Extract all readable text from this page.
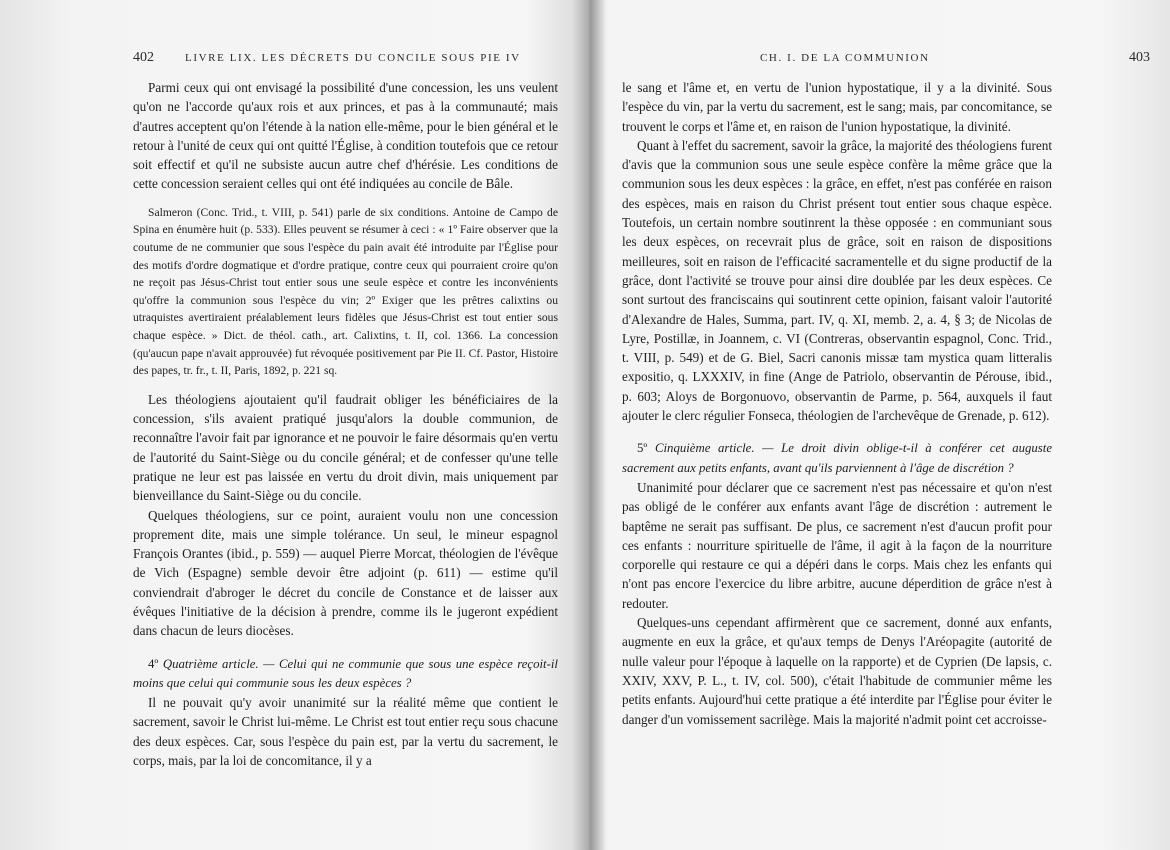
402	LIVRE LIX. LES DÉCRETS DU CONCILE SOUS PIE IV

Parmi ceux qui ont envisagé la possibilité d'une concession, les uns veulent qu'on ne l'accorde qu'aux rois et aux princes, et pas à la communauté; mais d'autres acceptent qu'on l'étende à la nation elle-même, pour le bien général et le retour à l'unité de ceux qui ont quitté l'Église, à condition toutefois que ce retour soit effectif et qu'il ne subsiste aucun autre chef d'hérésie. Les conditions de cette concession seraient celles qui ont été indiquées au concile de Bâle.

Salmeron (Conc. Trid., t. VIII, p. 541) parle de six conditions. Antoine de Campo de Spina en énumère huit (p. 533). Elles peuvent se résumer à ceci : « 1º Faire observer que la coutume de ne communier que sous l'espèce du pain avait été introduite par l'Église pour des motifs d'ordre dogmatique et d'ordre pratique, contre ceux qui pourraient croire qu'on ne reçoit pas Jésus-Christ tout entier sous une seule espèce et contre les inconvénients qu'offre la communion sous l'espèce du vin; 2º Exiger que les prêtres calixtins ou utraquistes avertiraient préalablement leurs fidèles que Jésus-Christ est tout entier sous chaque espèce. » Dict. de théol. cath., art. Calixtins, t. II, col. 1366. La concession (qu'aucun pape n'avait approuvée) fut révoquée positivement par Pie II. Cf. Pastor, Histoire des papes, tr. fr., t. II, Paris, 1892, p. 221 sq.

Les théologiens ajoutaient qu'il faudrait obliger les bénéficiaires de la concession, s'ils avaient pratiqué jusqu'alors la double communion, de reconnaître l'avoir fait par ignorance et ne pouvoir le faire désormais qu'en vertu de l'autorité du Saint-Siège ou du concile général; et de confesser qu'une telle pratique ne leur est pas laissée en vertu du droit divin, mais uniquement par bienveillance du Saint-Siège ou du concile.

Quelques théologiens, sur ce point, auraient voulu non une concession proprement dite, mais une simple tolérance. Un seul, le mineur espagnol François Orantes (ibid., p. 559) — auquel Pierre Morcat, théologien de l'évêque de Vich (Espagne) semble devoir être adjoint (p. 611) — estime qu'il conviendrait d'abroger le décret du concile de Constance et de laisser aux évêques l'initiative de la décision à prendre, comme ils le jugeront expédient dans chacun de leurs diocèses.

4º Quatrième article. — Celui qui ne communie que sous une espèce reçoit-il moins que celui qui communie sous les deux espèces ?

Il ne pouvait qu'y avoir unanimité sur la réalité même que contient le sacrement, savoir le Christ lui-même. Le Christ est tout entier reçu sous chacune des deux espèces. Car, sous l'espèce du pain est, par la vertu du sacrement, le corps, mais, par la loi de concomitance, il y a

CH. I. DE LA COMMUNION	403

le sang et l'âme et, en vertu de l'union hypostatique, il y a la divinité. Sous l'espèce du vin, par la vertu du sacrement, est le sang; mais, par concomitance, se trouvent le corps et l'âme et, en raison de l'union hypostatique, la divinité.

Quant à l'effet du sacrement, savoir la grâce, la majorité des théologiens furent d'avis que la communion sous une seule espèce confère la même grâce que la communion sous les deux espèces : la grâce, en effet, n'est pas conférée en raison des espèces, mais en raison du Christ présent tout entier sous chaque espèce. Toutefois, un certain nombre soutinrent la thèse opposée : en communiant sous les deux espèces, on recevrait plus de grâce, soit en raison de dispositions meilleures, soit en raison de l'efficacité sacramentelle et du signe productif de la grâce, dont l'activité se trouve pour ainsi dire doublée par les deux espèces. Ce sont surtout des franciscains qui soutinrent cette opinion, faisant valoir l'autorité d'Alexandre de Hales, Summa, part. IV, q. XI, memb. 2, a. 4, § 3; de Nicolas de Lyre, Postillæ, in Joannem, c. VI (Contreras, observantin espagnol, Conc. Trid., t. VIII, p. 549) et de G. Biel, Sacri canonis missæ tam mystica quam litteralis expositio, q. LXXXIV, in fine (Ange de Patriolo, observantin de Pérouse, ibid., p. 603; Aloys de Borgonuovo, observantin de Parme, p. 564, auxquels il faut ajouter le clerc régulier Fonseca, théologien de l'archevêque de Grenade, p. 612).

5º Cinquième article. — Le droit divin oblige-t-il à conférer cet auguste sacrement aux petits enfants, avant qu'ils parviennent à l'âge de discrétion ?

Unanimité pour déclarer que ce sacrement n'est pas nécessaire et qu'on n'est pas obligé de le conférer aux enfants avant l'âge de discrétion : autrement le baptême ne serait pas suffisant. De plus, ce sacrement n'est d'aucun profit pour ces enfants : nourriture spirituelle de l'âme, il agit à la façon de la nourriture corporelle qui restaure ce qui a dépéri dans le corps. Mais chez les enfants qui n'ont pas encore l'exercice du libre arbitre, aucune déperdition de grâce n'est à redouter.

Quelques-uns cependant affirmèrent que ce sacrement, donné aux enfants, augmente en eux la grâce, et qu'aux temps de Denys l'Aréopagite (autorité de nulle valeur pour l'époque à laquelle on la rapporte) et de Cyprien (De lapsis, c. XXIV, XXV, P. L., t. IV, col. 500), c'était l'habitude de communier même les petits enfants. Aujourd'hui cette pratique a été interdite par l'Église pour éviter le danger d'un vomissement sacrilège. Mais la majorité n'admit point cet accroisse-
